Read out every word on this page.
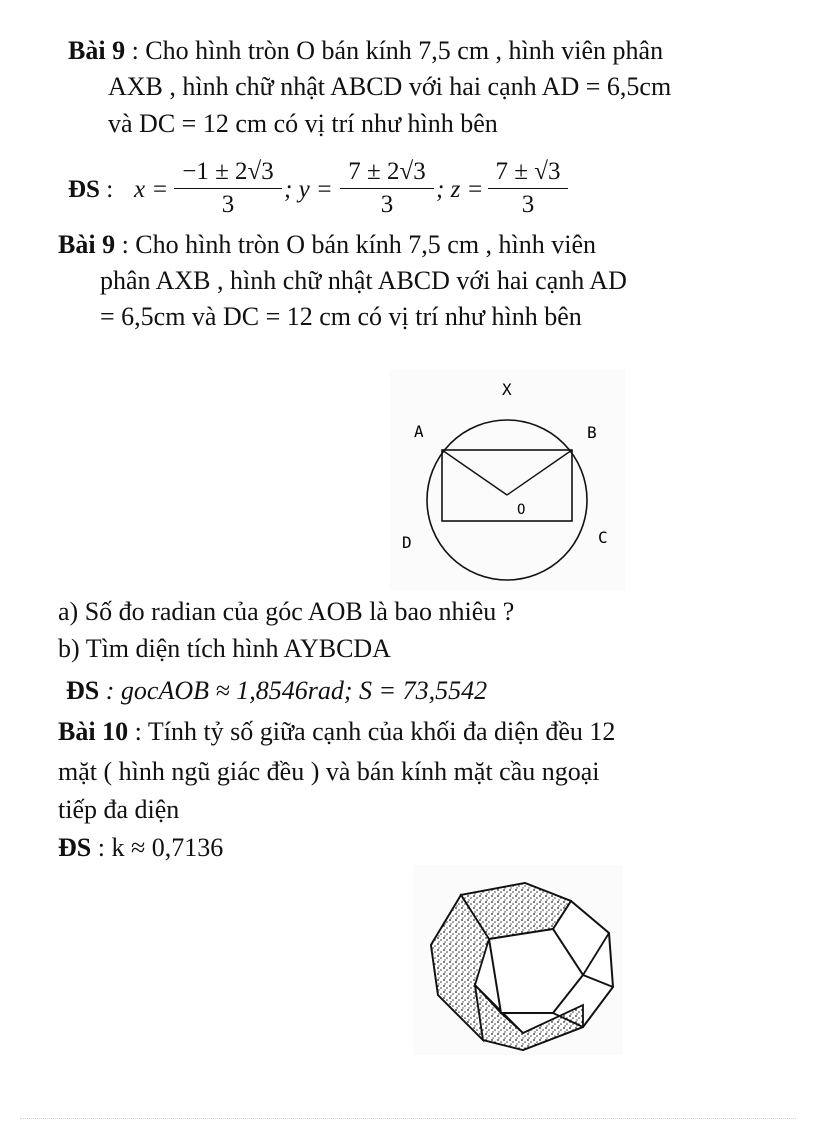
Bài 9 : Cho hình tròn O bán kính 7,5 cm , hình viên phân
AXB , hình chữ nhật ABCD với hai cạnh AD = 6,5cm
và DC = 12 cm có vị trí như hình bên
ĐS : $x = \frac{-1 \pm 2√3}{3}$ ; $y = \frac{7 \pm 2√3}{3}$ ; $z = \frac{7 \pm √3}{3}$
Bài 9 : Cho hình tròn O bán kính 7,5 cm , hình viên
phân AXB , hình chữ nhật ABCD với hai cạnh AD
= 6,5cm và DC = 12 cm có vị trí như hình bên
X
A	B
C
D
O
a) Số đo radian của góc AOB là bao nhiêu ?
b) Tìm diện tích hình AYBCDA
ĐS : gocAOB ≈ 1,8546rad; S = 73,5542
Bài 10 : Tính tỷ số giữa cạnh của khối đa diện đều 12
mặt ( hình ngũ giác đều ) và bán kính mặt cầu ngoại
tiếp đa diện
ĐS : k ≈ 0,7136
